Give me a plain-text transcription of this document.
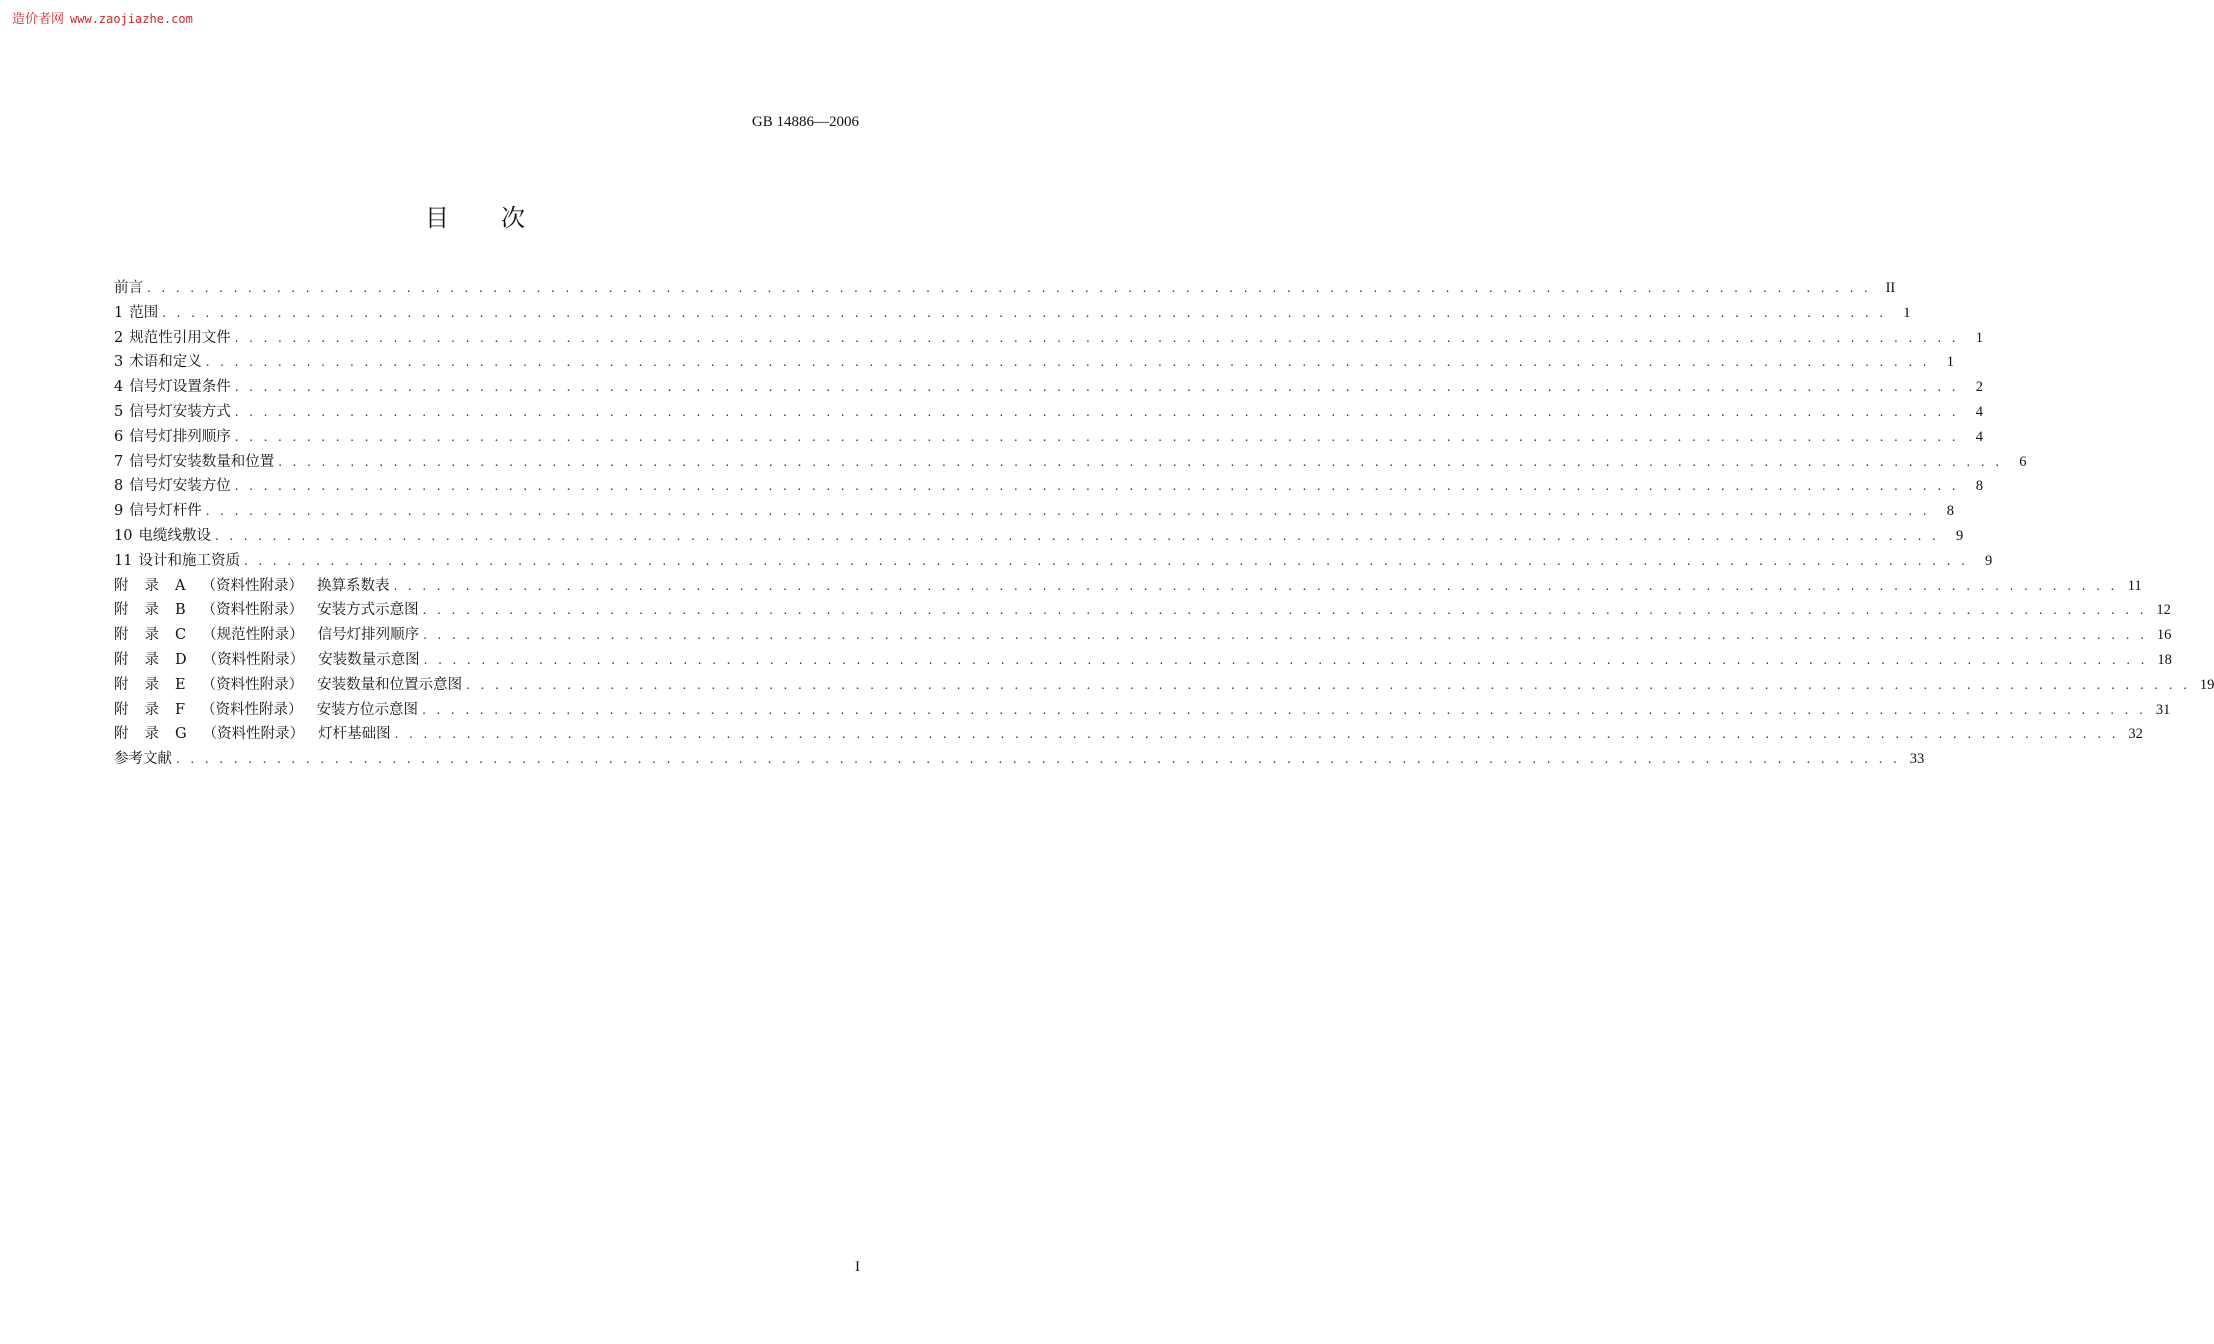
造价者网 www.zaojiazhe.com
GB 14886—2006
目 次
前言 . . . . . . . . . . . . . . . . . . . . . . . . . . . . . . . . . . . . . . . . . . . . . . . . . . . . . . . . . . . . . . . . . . . . . . . . . . . . . . . . . . . . . . . . . . . . . . . . . . . . . . . . . . . . . . . . . . . . . . . . II
1 范围 . . . . . . . . . . . . . . . . . . . . . . . . . . . . . . . . . . . . . . . . . . . . . . . . . . . . . . . . . . . . . . . . . . . . . . . . . . . . . . . . . . . . . . . . . . . . . . . . . . . . . . . . . . . . . . . . . . . . . . . .	1
2 规范性引用文件 . . . . . . . . . . . . . . . . . . . . . . . . . . . . . . . . . . . . . . . . . . . . . . . . . . . . . . . . . . . . . . . . . . . . . . . . . . . . . . . . . . . . . . . . . . . . . . . . . . . . . . . . . . . . . . . . . . . . . . . .	1
3 术语和定义 . . . . . . . . . . . . . . . . . . . . . . . . . . . . . . . . . . . . . . . . . . . . . . . . . . . . . . . . . . . . . . . . . . . . . . . . . . . . . . . . . . . . . . . . . . . . . . . . . . . . . . . . . . . . . . . . . . . . . . . .	1
4 信号灯设置条件 . . . . . . . . . . . . . . . . . . . . . . . . . . . . . . . . . . . . . . . . . . . . . . . . . . . . . . . . . . . . . . . . . . . . . . . . . . . . . . . . . . . . . . . . . . . . . . . . . . . . . . . . . . . . . . . . . . . . . . . .	2
5 信号灯安装方式 . . . . . . . . . . . . . . . . . . . . . . . . . . . . . . . . . . . . . . . . . . . . . . . . . . . . . . . . . . . . . . . . . . . . . . . . . . . . . . . . . . . . . . . . . . . . . . . . . . . . . . . . . . . . . . . . . . . . . . . .	4
6 信号灯排列顺序 . . . . . . . . . . . . . . . . . . . . . . . . . . . . . . . . . . . . . . . . . . . . . . . . . . . . . . . . . . . . . . . . . . . . . . . . . . . . . . . . . . . . . . . . . . . . . . . . . . . . . . . . . . . . . . . . . . . . . . . .	4
7 信号灯安装数量和位置 . . . . . . . . . . . . . . . . . . . . . . . . . . . . . . . . . . . . . . . . . . . . . . . . . . . . . . . . . . . . . . . . . . . . . . . . . . . . . . . . . . . . . . . . . . . . . . . . . . . . . . . . . . . . . . . . . . . . . . . .	6
8 信号灯安装方位 . . . . . . . . . . . . . . . . . . . . . . . . . . . . . . . . . . . . . . . . . . . . . . . . . . . . . . . . . . . . . . . . . . . . . . . . . . . . . . . . . . . . . . . . . . . . . . . . . . . . . . . . . . . . . . . . . . . . . . . .	8
9 信号灯杆件 . . . . . . . . . . . . . . . . . . . . . . . . . . . . . . . . . . . . . . . . . . . . . . . . . . . . . . . . . . . . . . . . . . . . . . . . . . . . . . . . . . . . . . . . . . . . . . . . . . . . . . . . . . . . . . . . . . . . . . . .	8
10 电缆线敷设 . . . . . . . . . . . . . . . . . . . . . . . . . . . . . . . . . . . . . . . . . . . . . . . . . . . . . . . . . . . . . . . . . . . . . . . . . . . . . . . . . . . . . . . . . . . . . . . . . . . . . . . . . . . . . . . . . . . . . . . .	9
11 设计和施工资质 . . . . . . . . . . . . . . . . . . . . . . . . . . . . . . . . . . . . . . . . . . . . . . . . . . . . . . . . . . . . . . . . . . . . . . . . . . . . . . . . . . . . . . . . . . . . . . . . . . . . . . . . . . . . . . . . . . . . . . . .	9
附 录 A （资料性附录） 换算系数表 . . . . . . . . . . . . . . . . . . . . . . . . . . . . . . . . . . . . . . . . . . . . . . . . . . . . . . . . . . . . . . . . . . . . . . . . . . . . . . . . . . . . . . . . . . . . . . . . . . . . . . . . . . . . . . . . . . . . . . . . 11
附 录 B （资料性附录） 安装方式示意图 . . . . . . . . . . . . . . . . . . . . . . . . . . . . . . . . . . . . . . . . . . . . . . . . . . . . . . . . . . . . . . . . . . . . . . . . . . . . . . . . . . . . . . . . . . . . . . . . . . . . . . . . . . . . . . . . . . . . . . . . 12
附 录 C （规范性附录） 信号灯排列顺序 . . . . . . . . . . . . . . . . . . . . . . . . . . . . . . . . . . . . . . . . . . . . . . . . . . . . . . . . . . . . . . . . . . . . . . . . . . . . . . . . . . . . . . . . . . . . . . . . . . . . . . . . . . . . . . . . . . . . . . . . 16
附 录 D （资料性附录） 安装数量示意图 . . . . . . . . . . . . . . . . . . . . . . . . . . . . . . . . . . . . . . . . . . . . . . . . . . . . . . . . . . . . . . . . . . . . . . . . . . . . . . . . . . . . . . . . . . . . . . . . . . . . . . . . . . . . . . . . . . . . . . . . 18
附 录 E （资料性附录） 安装数量和位置示意图 . . . . . . . . . . . . . . . . . . . . . . . . . . . . . . . . . . . . . . . . . . . . . . . . . . . . . . . . . . . . . . . . . . . . . . . . . . . . . . . . . . . . . . . . . . . . . . . . . . . . . . . . . . . . . . . . . . . . . . . . 19
附 录 F （资料性附录） 安装方位示意图 . . . . . . . . . . . . . . . . . . . . . . . . . . . . . . . . . . . . . . . . . . . . . . . . . . . . . . . . . . . . . . . . . . . . . . . . . . . . . . . . . . . . . . . . . . . . . . . . . . . . . . . . . . . . . . . . . . . . . . . . 31
附 录 G （资料性附录） 灯杆基础图 . . . . . . . . . . . . . . . . . . . . . . . . . . . . . . . . . . . . . . . . . . . . . . . . . . . . . . . . . . . . . . . . . . . . . . . . . . . . . . . . . . . . . . . . . . . . . . . . . . . . . . . . . . . . . . . . . . . . . . . . 32
参考文献 . . . . . . . . . . . . . . . . . . . . . . . . . . . . . . . . . . . . . . . . . . . . . . . . . . . . . . . . . . . . . . . . . . . . . . . . . . . . . . . . . . . . . . . . . . . . . . . . . . . . . . . . . . . . . . . . . . . . . . . . 33
I
